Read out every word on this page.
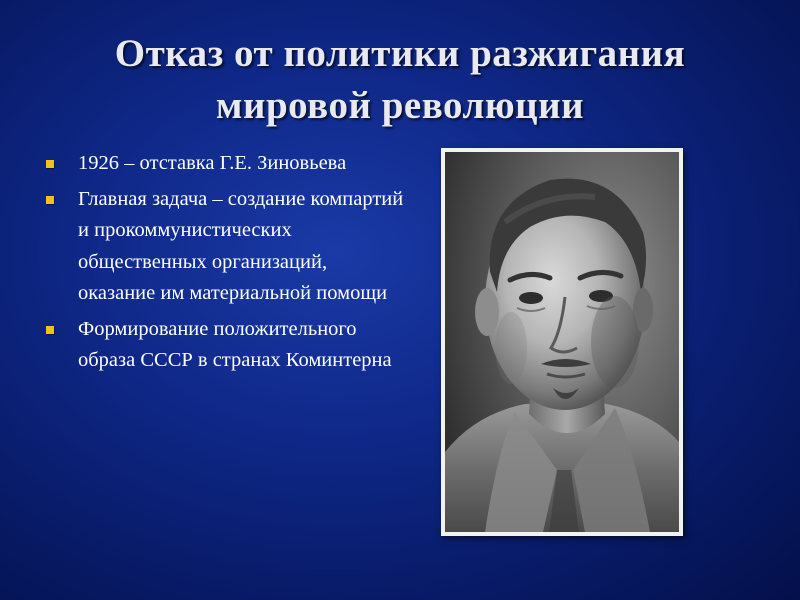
Отказ от политики разжигания
мировой революции
1926 – отставка Г.Е. Зиновьева
Главная задача – создание компартий и прокоммунистических общественных организаций, оказание им материальной помощи
Формирование положительного образа СССР в странах Коминтерна
